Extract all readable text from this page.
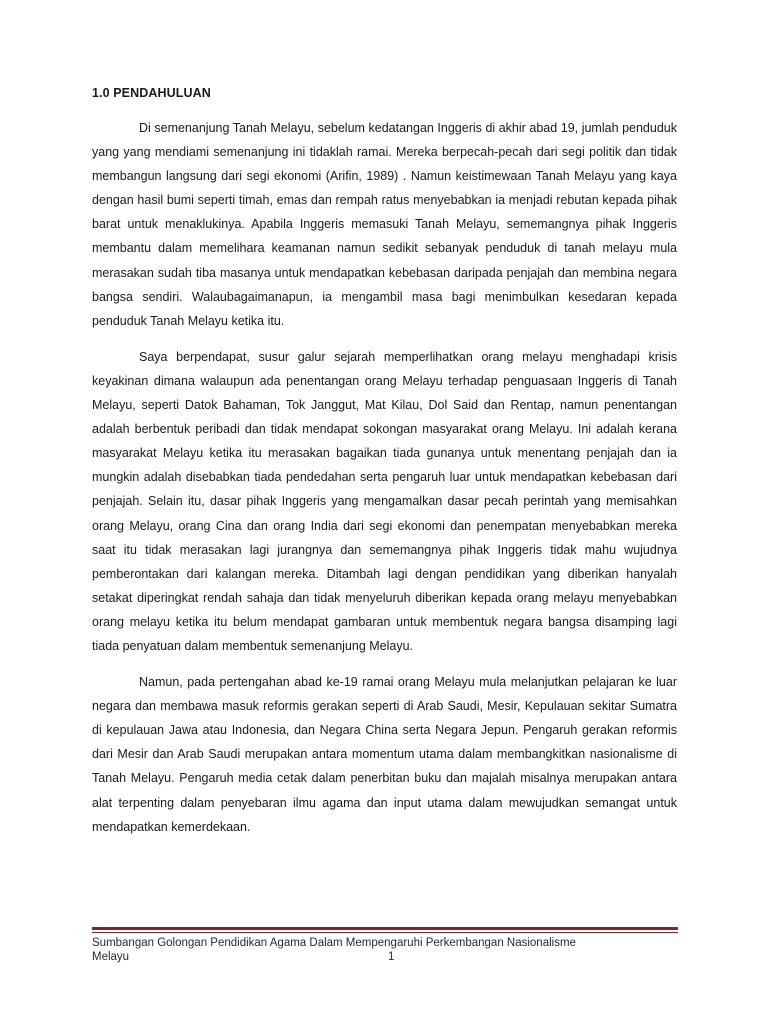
1.0 PENDAHULUAN

Di semenanjung Tanah Melayu, sebelum kedatangan Inggeris di akhir abad 19, jumlah penduduk yang yang mendiami semenanjung ini tidaklah ramai. Mereka berpecah-pecah dari segi politik dan tidak membangun langsung dari segi ekonomi (Arifin, 1989) . Namun keistimewaan Tanah Melayu yang kaya dengan hasil bumi seperti timah, emas dan rempah ratus menyebabkan ia menjadi rebutan kepada pihak barat untuk menaklukinya. Apabila Inggeris memasuki Tanah Melayu, sememangnya pihak Inggeris membantu dalam memelihara keamanan namun sedikit sebanyak penduduk di tanah melayu mula merasakan sudah tiba masanya untuk mendapatkan kebebasan daripada penjajah dan membina negara bangsa sendiri. Walaubagaimanapun, ia mengambil masa bagi menimbulkan kesedaran kepada penduduk Tanah Melayu ketika itu.

Saya berpendapat, susur galur sejarah memperlihatkan orang melayu menghadapi krisis keyakinan dimana walaupun ada penentangan orang Melayu terhadap penguasaan Inggeris di Tanah Melayu, seperti Datok Bahaman, Tok Janggut, Mat Kilau, Dol Said dan Rentap, namun penentangan adalah berbentuk peribadi dan tidak mendapat sokongan masyarakat orang Melayu. Ini adalah kerana masyarakat Melayu ketika itu merasakan bagaikan tiada gunanya untuk menentang penjajah dan ia mungkin adalah disebabkan tiada pendedahan serta pengaruh luar untuk mendapatkan kebebasan dari penjajah. Selain itu, dasar pihak Inggeris yang mengamalkan dasar pecah perintah yang memisahkan orang Melayu, orang Cina dan orang India dari segi ekonomi dan penempatan menyebabkan mereka saat itu tidak merasakan lagi jurangnya dan sememangnya pihak Inggeris tidak mahu wujudnya pemberontakan dari kalangan mereka. Ditambah lagi dengan pendidikan yang diberikan hanyalah setakat diperingkat rendah sahaja dan tidak menyeluruh diberikan kepada orang melayu menyebabkan orang melayu ketika itu belum mendapat gambaran untuk membentuk negara bangsa disamping lagi tiada penyatuan dalam membentuk semenanjung Melayu.

Namun, pada pertengahan abad ke-19 ramai orang Melayu mula melanjutkan pelajaran ke luar negara dan membawa masuk reformis gerakan seperti di Arab Saudi, Mesir, Kepulauan sekitar Sumatra di kepulauan Jawa atau Indonesia, dan Negara China serta Negara Jepun. Pengaruh gerakan reformis dari Mesir dan Arab Saudi merupakan antara momentum utama dalam membangkitkan nasionalisme di Tanah Melayu. Pengaruh media cetak dalam penerbitan buku dan majalah misalnya merupakan antara alat terpenting dalam penyebaran ilmu agama dan input utama dalam mewujudkan semangat untuk mendapatkan kemerdekaan.

Sumbangan Golongan Pendidikan Agama Dalam Mempengaruhi Perkembangan Nasionalisme
Melayu	1
